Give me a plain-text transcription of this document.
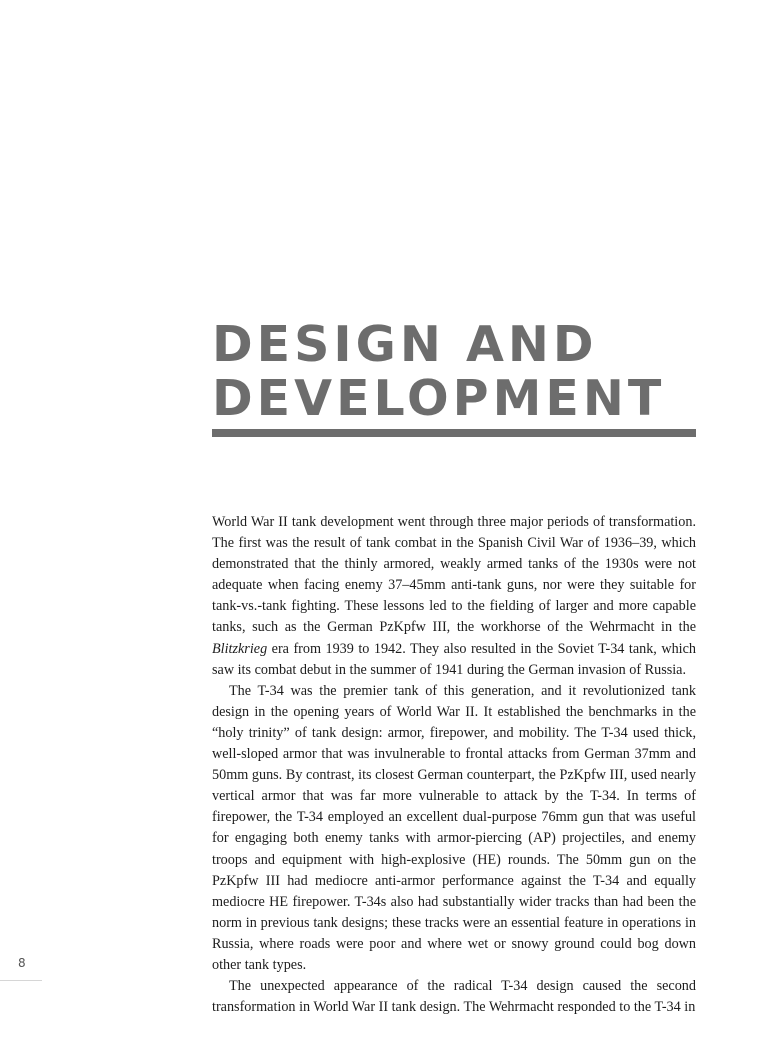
DESIGN AND
DEVELOPMENT

World War II tank development went through three major periods of transformation. The first was the result of tank combat in the Spanish Civil War of 1936–39, which demonstrated that the thinly armored, weakly armed tanks of the 1930s were not adequate when facing enemy 37–45mm anti-tank guns, nor were they suitable for tank-vs.-tank fighting. These lessons led to the fielding of larger and more capable tanks, such as the German PzKpfw III, the workhorse of the Wehrmacht in the Blitzkrieg era from 1939 to 1942. They also resulted in the Soviet T-34 tank, which saw its combat debut in the summer of 1941 during the German invasion of Russia.

The T-34 was the premier tank of this generation, and it revolutionized tank design in the opening years of World War II. It established the benchmarks in the “holy trinity” of tank design: armor, firepower, and mobility. The T-34 used thick, well-sloped armor that was invulnerable to frontal attacks from German 37mm and 50mm guns. By contrast, its closest German counterpart, the PzKpfw III, used nearly vertical armor that was far more vulnerable to attack by the T-34. In terms of firepower, the T-34 employed an excellent dual-purpose 76mm gun that was useful for engaging both enemy tanks with armor-piercing (AP) projectiles, and enemy troops and equipment with high-explosive (HE) rounds. The 50mm gun on the PzKpfw III had mediocre anti-armor performance against the T-34 and equally mediocre HE firepower. T-34s also had substantially wider tracks than had been the norm in previous tank designs; these tracks were an essential feature in operations in Russia, where roads were poor and where wet or snowy ground could bog down other tank types.

The unexpected appearance of the radical T-34 design caused the second transformation in World War II tank design. The Wehrmacht responded to the T-34 in

8
